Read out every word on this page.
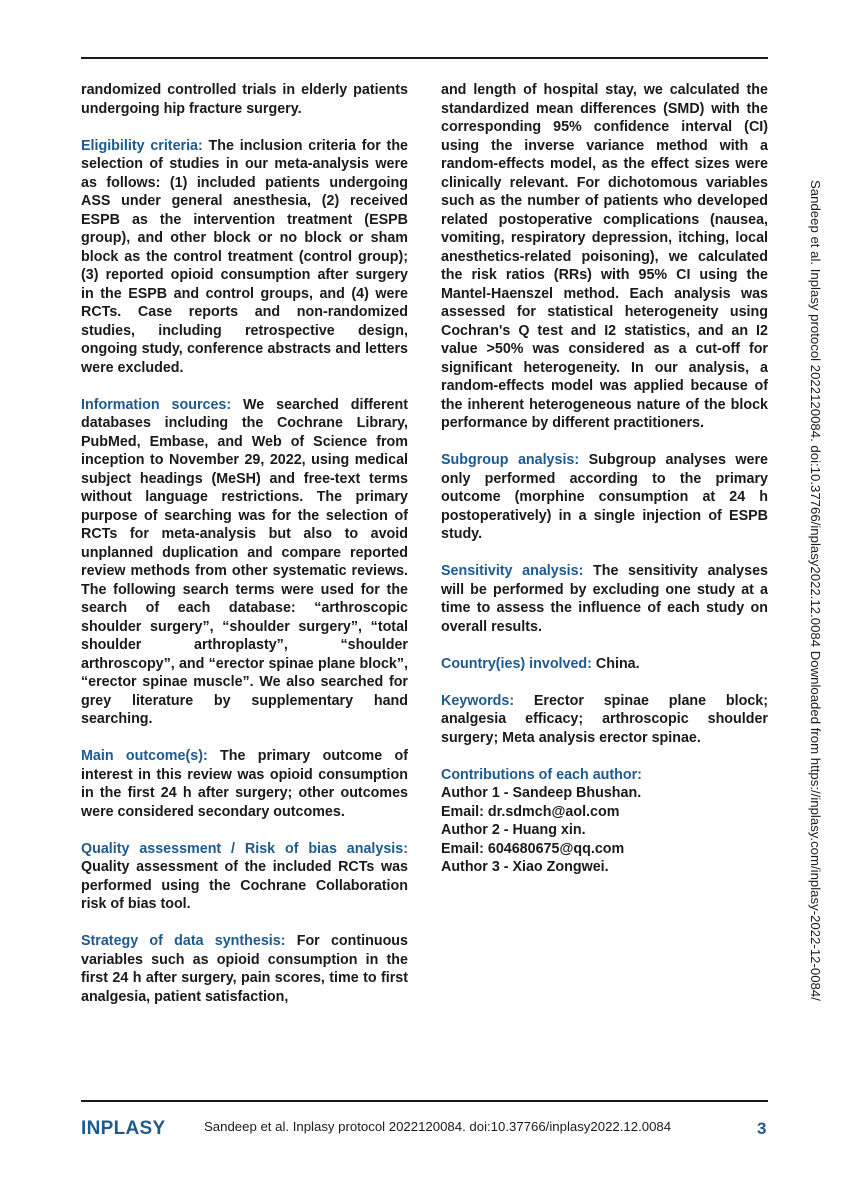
randomized controlled trials in elderly patients undergoing hip fracture surgery.

Eligibility criteria: The inclusion criteria for the selection of studies in our meta-analysis were as follows: (1) included patients undergoing ASS under general anesthesia, (2) received ESPB as the intervention treatment (ESPB group), and other block or no block or sham block as the control treatment (control group); (3) reported opioid consumption after surgery in the ESPB and control groups, and (4) were RCTs. Case reports and non-randomized studies, including retrospective design, ongoing study, conference abstracts and letters were excluded.

Information sources: We searched different databases including the Cochrane Library, PubMed, Embase, and Web of Science from inception to November 29, 2022, using medical subject headings (MeSH) and free-text terms without language restrictions. The primary purpose of searching was for the selection of RCTs for meta-analysis but also to avoid unplanned duplication and compare reported review methods from other systematic reviews. The following search terms were used for the search of each database: “arthroscopic shoulder surgery”, “shoulder surgery”, “total shoulder arthroplasty”, “shoulder arthroscopy”, and “erector spinae plane block”, “erector spinae muscle”. We also searched for grey literature by supplementary hand searching.

Main outcome(s): The primary outcome of interest in this review was opioid consumption in the first 24 h after surgery; other outcomes were considered secondary outcomes.

Quality assessment / Risk of bias analysis: Quality assessment of the included RCTs was performed using the Cochrane Collaboration risk of bias tool.

Strategy of data synthesis: For continuous variables such as opioid consumption in the first 24 h after surgery, pain scores, time to first analgesia, patient satisfaction,

and length of hospital stay, we calculated the standardized mean differences (SMD) with the corresponding 95% confidence interval (CI) using the inverse variance method with a random-effects model, as the effect sizes were clinically relevant. For dichotomous variables such as the number of patients who developed related postoperative complications (nausea, vomiting, respiratory depression, itching, local anesthetics-related poisoning), we calculated the risk ratios (RRs) with 95% CI using the Mantel-Haenszel method. Each analysis was assessed for statistical heterogeneity using Cochran's Q test and I2 statistics, and an I2 value >50% was considered as a cut-off for significant heterogeneity. In our analysis, a random-effects model was applied because of the inherent heterogeneous nature of the block performance by different practitioners.

Subgroup analysis: Subgroup analyses were only performed according to the primary outcome (morphine consumption at 24 h postoperatively) in a single injection of ESPB study.

Sensitivity analysis: The sensitivity analyses will be performed by excluding one study at a time to assess the influence of each study on overall results.

Country(ies) involved: China.

Keywords: Erector spinae plane block; analgesia efficacy; arthroscopic shoulder surgery; Meta analysis erector spinae.

Contributions of each author:
Author 1 - Sandeep Bhushan.
Email: dr.sdmch@aol.com
Author 2 - Huang xin.
Email: 604680675@qq.com
Author 3 - Xiao Zongwei.	Sandeep et al. Inplasy protocol 2022120084. doi:10.37766/inplasy2022.12.0084 Downloaded from https://inplasy.com/inplasy-2022-12-0084/
INPLASY	Sandeep et al. Inplasy protocol 2022120084. doi:10.37766/inplasy2022.12.0084	3
